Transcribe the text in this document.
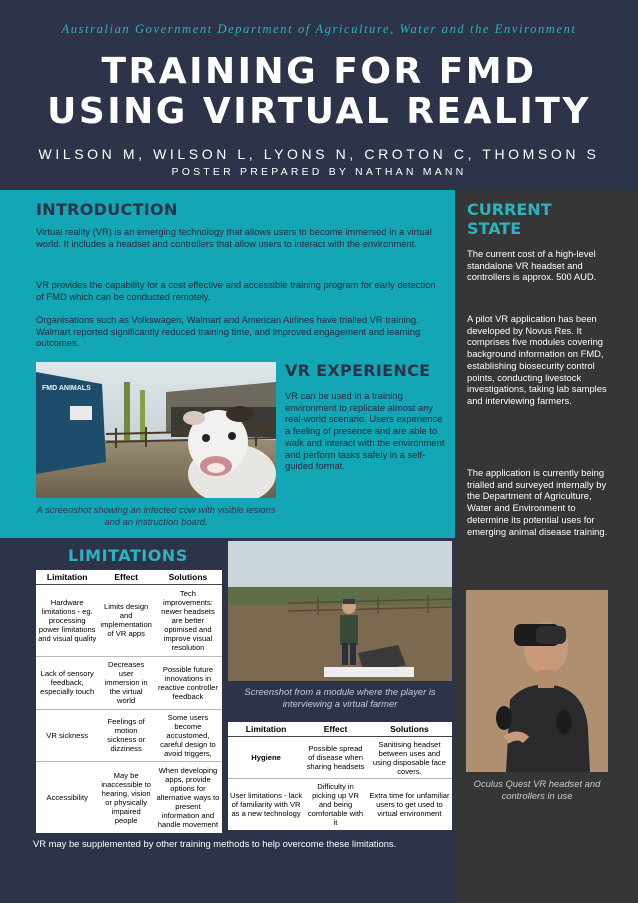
Australian Government Department of Agriculture, Water and the Environment
TRAINING FOR FMD
USING VIRTUAL REALITY
WILSON M, WILSON L, LYONS N, CROTON C, THOMSON S
POSTER PREPARED BY NATHAN MANN
INTRODUCTION
Virtual reality (VR) is an emerging technology that allows users to become immersed in a virtual world. It includes a headset and controllers that allow users to interact with the environment.
VR provides the capability for a cost effective and accessible training program for early detection of FMD which can be conducted remotely.
Organisations such as Volkswagen, Walmart and American Airlines have trialled VR training. Walmart reported significantly reduced training time, and improved engagement and learning outcomes.
FMD ANIMALS
A screenshot showing an infected cow with visible lesions and an instruction board.
VR EXPERIENCE
VR can be used in a training environment to replicate almost any real-world scenario. Users experience a feeling of presence and are able to walk and interact with the environment and perform tasks safely in a self-guided format.
CURRENT
STATE
The current cost of a high-level standalone VR headset and controllers is approx. 500 AUD.
A pilot VR application has been developed by Novus Res. It comprises five modules covering background information on FMD, establishing biosecurity control points, conducting livestock investigations, taking lab samples and interviewing farmers.
The application is currently being trialled and surveyed internally by the Department of Agriculture, Water and Environment to determine its potential uses for emerging animal disease training.
Oculus Quest VR headset and controllers in use
LIMITATIONS
Limitation	Effect	Solutions
Hardware limitations - eg. processing power limitations and visual quality	Limits design and implementation of VR apps	Tech improvements: newer headsets are better optimised and improve visual resolution
Lack of sensory feedback, especially touch	Decreases user immersion in the virtual world	Possible future innovations in reactive controller feedback
VR sickness	Feelings of motion sickness or dizziness	Some users become accustomed, careful design to avoid triggers,
Accessibility	May be inaccessible to hearing, vision or physically impaired people	When developing apps, provide options for alternative ways to present information and handle movement
Screenshot from a module where the player is interviewing a virtual farmer
Limitation	Effect	Solutions
Hygiene	Possible spread of disease when sharing headsets	Sanitising headset between uses and using disposable face covers.
User limitations - lack of familiarity with VR as a new technology	Difficulty in picking up VR and being comfortable with it	Extra time for unfamiliar users to get used to virtual environment
VR may be supplemented by other training methods to help overcome these limitations.
